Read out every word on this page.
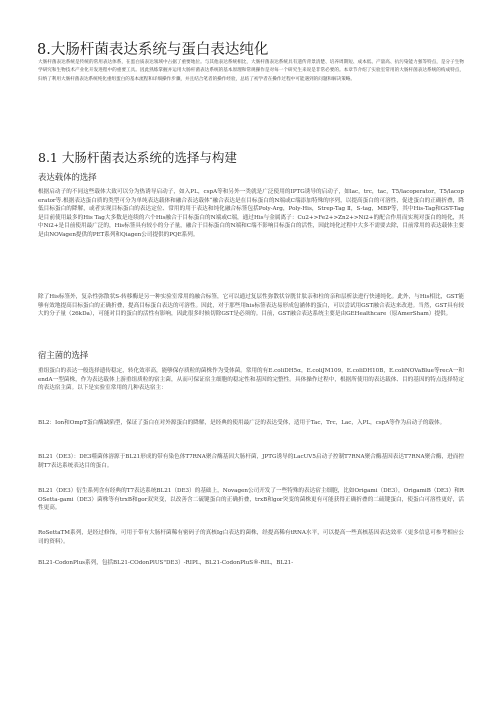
8.大肠杆菌表达系统与蛋白表达纯化

大肠杆菌表达系统是传统的常用表达体系，在蛋白质表达领域中占据了重要地位。与其他表达系统相比，大肠杆菌表达系统具有遗传背景清楚、培养周期短、成本低、产量高、抗污染能力强等特点，是分子生物学研究和生物技术产业化开发进程中的重要工具。因此熟练掌握并运用大肠杆菌表达系统的基本原理和常规操作是对每一个研究生来说是非常必要的。本章节介绍了实验室常用的大肠杆菌表达系统的构成特点，归纳了利用大肠杆菌表达系统纯化重组蛋白的基本流程和详细操作步骤，并且结合笔者的操作经验，总结了初学者在操作过程中可能遇到的问题和解决策略。

8.1 大肠杆菌表达系统的选择与构建
表达载体的选择

根据启动子的不同这些载体大致可以分为热诱导启动子，如入PL，cspA等和另外一类就是广泛使用的IPTG诱导的启动子，如lac，trc，tac，T5/lacoperator，T5/lacoperator等.根据表达蛋白质的类型可分为单纯表达载体和融合表达载体“融合表达是在目标蛋白的N端或C端添加特殊的序列，以提高蛋白的可溶性，促进蛋白的正确折叠，降低目标蛋白的降解，或者实现目标蛋白的表达定位、常用的用于表达和纯化融合标签包括Poly-Arg，Poly-His，Strep-Tag Ⅱ，S-tag，MBP等，其中His-Tag和GST-Tag是目前使用最多的His Tag大多数是连续的六个His融合于目标蛋白的N端或C端，通过His与金属离子：Cu2+>Fe2+>Zn2+>Ni2+的配合作用而实现对蛋白的纯化，其中Ni2+是目前使用最广泛的，His标签具有较小的分子量，融合于目标蛋白的N端和C端不影响目标蛋白的活性，因此纯化过程中大多不需要去除，目前常用的表达载体主要是由NOVagen提供的PET系列和Qiagen公司提供的PQE系列。

除了His标签外，复杂性弥散状S-转移酶是另一种实验室常用的融合标签，它可以通过复层性弥散状谷胱甘肽亲和柱的亲和层析法进行快速纯化。此外，与His相比，GST能够有效地提高目标蛋白的正确折叠，提高目标蛋白表达的可溶性。因此，对于那些用his标签表达易形成包涵体的蛋白，可以尝试用GST融合表达来改进。当然，GST具有较大的分子量（26kDa），可能对目的蛋白的活性有影响，因此很多时候切除GST是必须的。目前，GST融合表达系统主要是由GEHealthcare（原AmerSham）提供。

宿主菌的选择

重组蛋白的表达一般选择遗传稳定，转化效率高，能够保存质粒的菌株作为受体菌。常用的有E.coliDH5α，E.coliJM109，E.coliDH10B，E.coliNOVaBlue等recA一和endA一型菌株，作为表达载体上游重组质粒的宿主菌，从而可保证宿主细胞的稳定性和基因的完整性。具体操作过程中，根据所使用的表达载体、目的基因的特点选择特定的表达宿主菌。以下是实验室常用的几种表达宿主：

BL2：Ion和OmpT蛋白酶缺陷型，保证了蛋白在对外源蛋白的降解，是经典的使用最广泛的表达受体，适用于Tac，Trc，Lac，入PL，cspA等作为启动子的载体。

BL21（DE3）：DE3噬菌体溶源于BL21形成的带有染色体T7RNA聚合酶基因大肠杆菌，JPTG诱导的LacUV5启动子控制T7RNA聚合酶基因表达T7RNA聚合酶，进而控制T7表达系统表达目的蛋白。

BL21（DE3）衍生系列含有经典的T7表达系统BL21（DE3）的基础上，Novagen公司开发了一些特殊的表达宿主细胞，比如Origami（DE3），OrigamiB（DE3）和ROSetta-gami（DE3）菌株等有trxB和gor双突变，以改善含二硫键蛋白的正确折叠，trxB和gor突变的菌株更有可能获得正确折叠的二硫键蛋白，使蛋白可溶性更好，活性更高。

RoSettaTM系列，是经过修饰，可用于带有大肠杆菌稀有密码子的真核Ig白表达的菌株，经提高稀有tRNA水平，可以提高一些真核基因表达效率（更多信息可参考相应公司的资料）。

BL21-CodonPlus系列，包括BL21-COdonPlUS"DE3）-RIPL，BL21-CodonPluS®-RIL，BL21-
